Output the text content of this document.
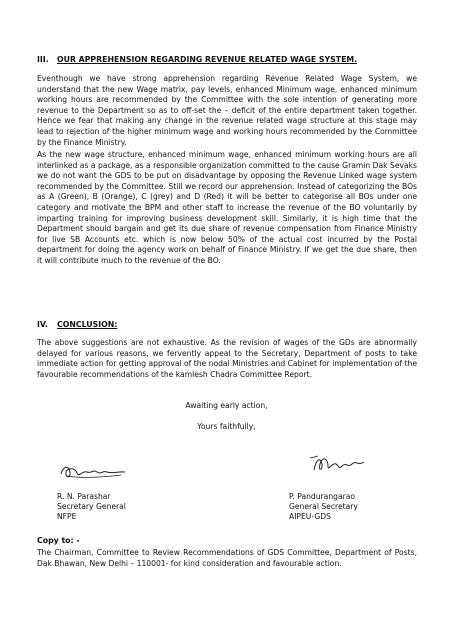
III. OUR APPREHENSION REGARDING REVENUE RELATED WAGE SYSTEM.

Eventhough we have strong apprehension regarding Revenue Related Wage System, we understand that the new Wage matrix, pay levels, enhanced Minimum wage, enhanced minimum working hours are recommended by the Committee with the sole intention of generating more revenue to the Department so as to off-set the – deficit of the entire department taken together. Hence we fear that making any change in the revenue related wage structure at this stage may lead to rejection of the higher minimum wage and working hours recommended by the Committee by the Finance Ministry.

As the new wage structure, enhanced minimum wage, enhanced minimum working hours are all interlinked as a package, as a responsible organization committed to the cause Gramin Dak Sevaks we do not want the GDS to be put on disadvantage by opposing the Revenue Linked wage system recommended by the Committee. Still we record our apprehension. Instead of categorizing the BOs as A (Green), B (Orange), C (grey) and D (Red) it will be better to categorise all BOs under one category and motivate the BPM and other staff to increase the revenue of the BO voluntarily by imparting training for improving business development skill. Similarly, it is high time that the Department should bargain and get its due share of revenue compensation from Finance Ministry for live SB Accounts etc. which is now below 50% of the actual cost incurred by the Postal department for doing the agency work on behalf of Finance Ministry. If we get the due share, then it will contribute much to the revenue of the BO.

IV. CONCLUSION:

The above suggestions are not exhaustive. As the revision of wages of the GDs are abnormally delayed for various reasons, we fervently appeal to the Secretary, Department of posts to take immediate action for getting approval of the nodal Ministries and Cabinet for implementation of the favourable recommendations of the kamlesh Chadra Committee Report.

Awaiting early action,
Yours faithfully,
R. N. Parashar
Secretary General
NFPE
P. Pandurangarao
General Secretary
AIPEU-GDS
Copy to: -

The Chairman, Committee to Review Recommendations of GDS Committee, Department of Posts, Dak Bhawan, New Delhi – 110001- for kind consideration and favourable action.
